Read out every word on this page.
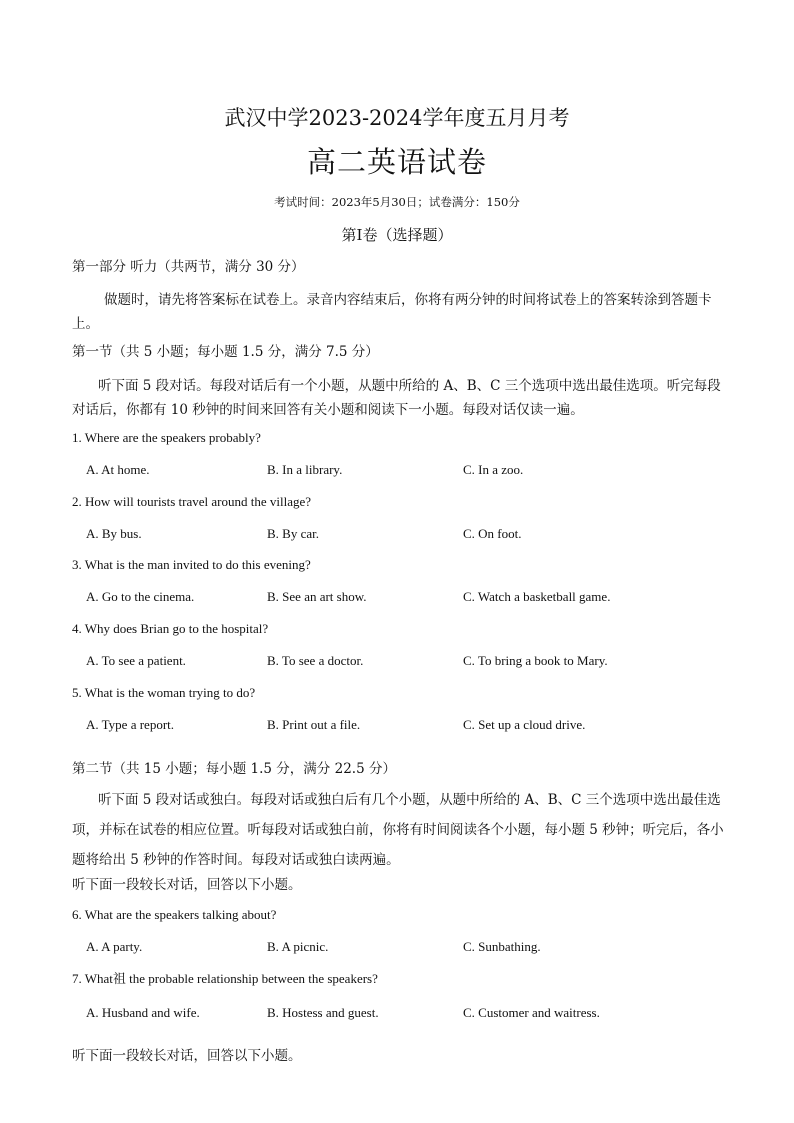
武汉中学2023-2024学年度五月月考
高二英语试卷
考试时间：2023年5月30日；试卷满分：150分
第Ⅰ卷（选择题）
第一部分 听力（共两节，满分 30 分）
做题时，请先将答案标在试卷上。录音内容结束后，你将有两分钟的时间将试卷上的答案转涂到答题卡上。
第一节（共 5 小题；每小题 1.5 分，满分 7.5 分）
听下面 5 段对话。每段对话后有一个小题，从题中所给的 A、B、C 三个选项中选出最佳选项。听完每段对话后，你都有 10 秒钟的时间来回答有关小题和阅读下一小题。每段对话仅读一遍。
1. Where are the speakers probably?
A. At home.	B. In a library.	C. In a zoo.
2. How will tourists travel around the village?
A. By bus.	B. By car.	C. On foot.
3. What is the man invited to do this evening?
A. Go to the cinema.	B. See an art show.	C. Watch a basketball game.
4. Why does Brian go to the hospital?
A. To see a patient.	B. To see a doctor.	C. To bring a book to Mary.
5. What is the woman trying to do?
A. Type a report.	B. Print out a file.	C. Set up a cloud drive.
第二节（共 15 小题；每小题 1.5 分，满分 22.5 分）
听下面 5 段对话或独白。每段对话或独白后有几个小题，从题中所给的 A、B、C 三个选项中选出最佳选项，并标在试卷的相应位置。听每段对话或独白前，你将有时间阅读各个小题，每小题 5 秒钟；听完后，各小题将给出 5 秒钟的作答时间。每段对话或独白读两遍。
听下面一段较长对话，回答以下小题。
6. What are the speakers talking about?
A. A party.	B. A picnic.	C. Sunbathing.
7. What祖 the probable relationship between the speakers?
A. Husband and wife.	B. Hostess and guest.	C. Customer and waitress.
听下面一段较长对话，回答以下小题。
